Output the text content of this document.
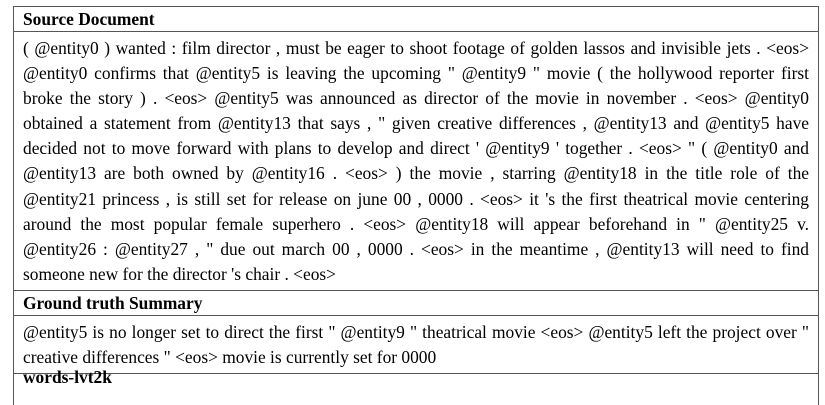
Source Document
( @entity0 ) wanted : film director , must be eager to shoot footage of golden lassos and invisible jets . <eos> @entity0 confirms that @entity5 is leaving the upcoming " @entity9 " movie ( the hollywood reporter first broke the story ) . <eos> @entity5 was announced as director of the movie in november . <eos> @entity0 obtained a statement from @entity13 that says , " given creative differences , @entity13 and @entity5 have decided not to move forward with plans to develop and direct ' @entity9 ' together . <eos> " ( @entity0 and @entity13 are both owned by @entity16 . <eos> ) the movie , starring @entity18 in the title role of the @entity21 princess , is still set for release on june 00 , 0000 . <eos> it 's the first theatrical movie centering around the most popular female superhero . <eos> @entity18 will appear beforehand in " @entity25 v. @entity26 : @entity27 , " due out march 00 , 0000 . <eos> in the meantime , @entity13 will need to find someone new for the director 's chair . <eos>
Ground truth Summary
@entity5 is no longer set to direct the first " @entity9 " theatrical movie <eos> @entity5 left the project over " creative differences " <eos> movie is currently set for 0000
words-lvt2k
